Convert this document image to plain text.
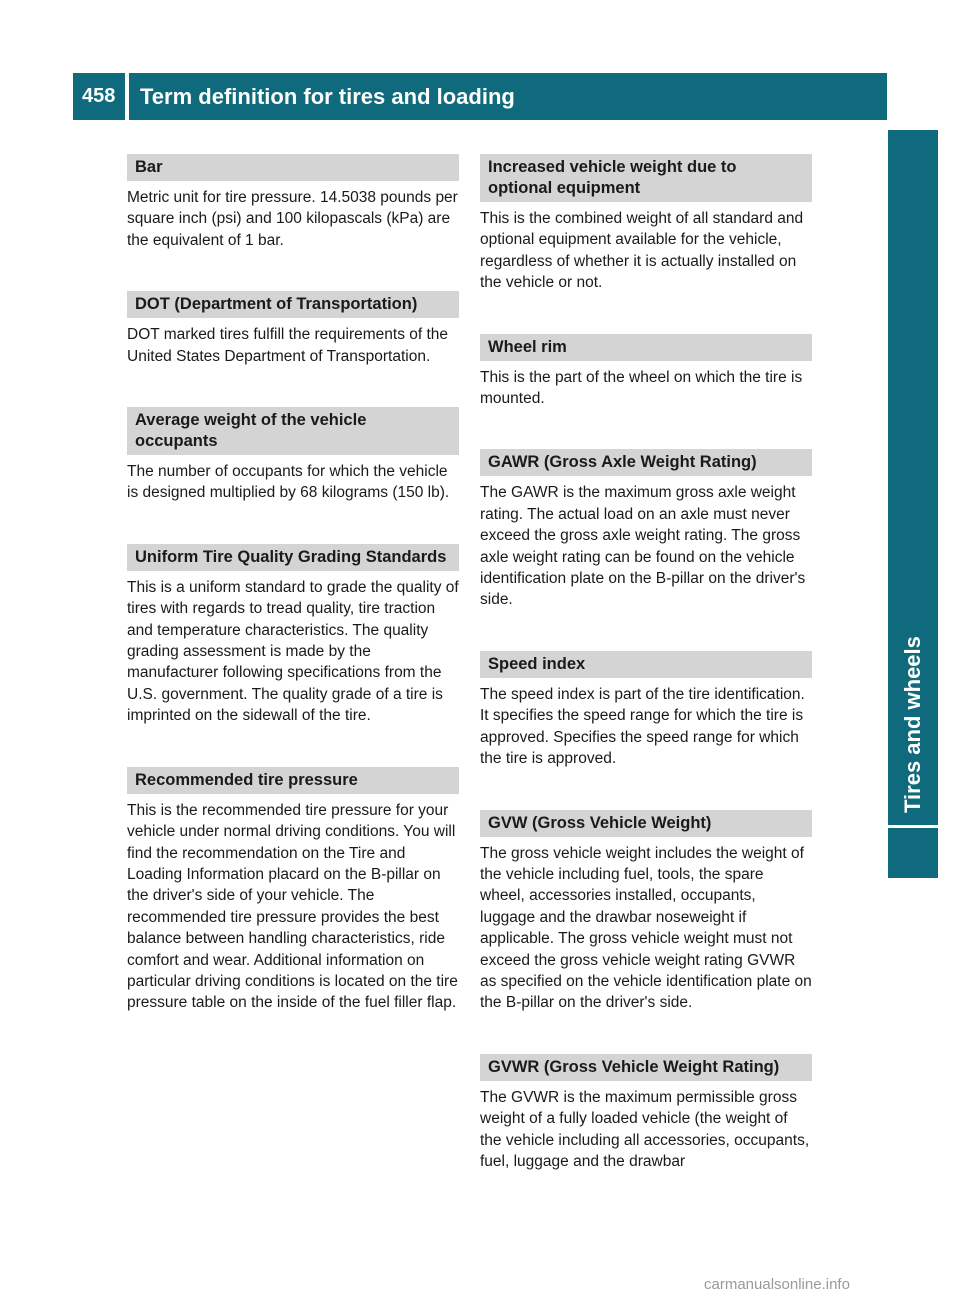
458	Term definition for tires and loading
Tires and wheels
Bar
Metric unit for tire pressure. 14.5038 pounds per square inch (psi) and 100 kilopascals (kPa) are the equivalent of 1 bar.
DOT (Department of Transportation)
DOT marked tires fulfill the requirements of the United States Department of Transportation.
Average weight of the vehicle occupants
The number of occupants for which the vehicle is designed multiplied by 68 kilograms (150 lb).
Uniform Tire Quality Grading Standards
This is a uniform standard to grade the quality of tires with regards to tread quality, tire traction and temperature characteristics. The quality grading assessment is made by the manufacturer following specifications from the U.S. government. The quality grade of a tire is imprinted on the sidewall of the tire.
Recommended tire pressure
This is the recommended tire pressure for your vehicle under normal driving conditions. You will find the recommendation on the Tire and Loading Information placard on the B-pillar on the driver's side of your vehicle. The recommended tire pressure provides the best balance between handling characteristics, ride comfort and wear. Additional information on particular driving conditions is located on the tire pressure table on the inside of the fuel filler flap.
Increased vehicle weight due to optional equipment
This is the combined weight of all standard and optional equipment available for the vehicle, regardless of whether it is actually installed on the vehicle or not.
Wheel rim
This is the part of the wheel on which the tire is mounted.
GAWR (Gross Axle Weight Rating)
The GAWR is the maximum gross axle weight rating. The actual load on an axle must never exceed the gross axle weight rating. The gross axle weight rating can be found on the vehicle identification plate on the B-pillar on the driver's side.
Speed index
The speed index is part of the tire identification. It specifies the speed range for which the tire is approved. Specifies the speed range for which the tire is approved.
GVW (Gross Vehicle Weight)
The gross vehicle weight includes the weight of the vehicle including fuel, tools, the spare wheel, accessories installed, occupants, luggage and the drawbar noseweight if applicable. The gross vehicle weight must not exceed the gross vehicle weight rating GVWR as specified on the vehicle identification plate on the B-pillar on the driver's side.
GVWR (Gross Vehicle Weight Rating)
The GVWR is the maximum permissible gross weight of a fully loaded vehicle (the weight of the vehicle including all accessories, occupants, fuel, luggage and the drawbar
carmanualsonline.info
